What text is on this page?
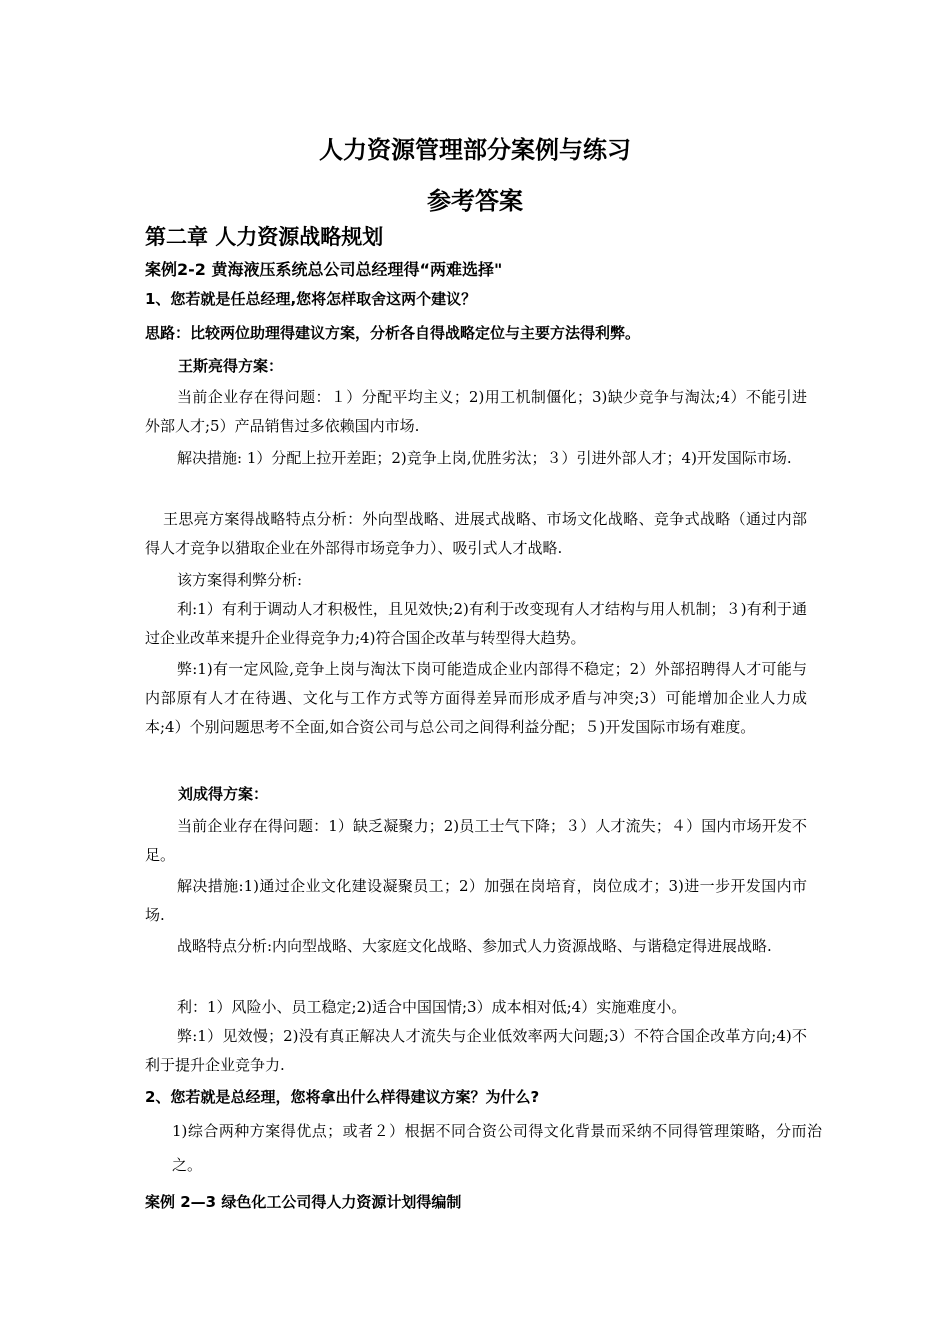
人力资源管理部分案例与练习
参考答案
第二章 人力资源战略规划
案例2-2 黄海液压系统总公司总经理得“两难选择"
1、您若就是任总经理,您将怎样取舍这两个建议？
思路：比较两位助理得建议方案，分析各自得战略定位与主要方法得利弊。
王斯亮得方案：
当前企业存在得问题：１）分配平均主义；2)用工机制僵化；3)缺少竞争与淘汰;4）不能引进外部人才;5）产品销售过多依赖国内市场.
解决措施: 1）分配上拉开差距；2)竞争上岗,优胜劣汰；３）引进外部人才；4)开发国际市场.
王思亮方案得战略特点分析：外向型战略、进展式战略、市场文化战略、竞争式战略（通过内部得人才竞争以猎取企业在外部得市场竞争力）、吸引式人才战略.
该方案得利弊分析:
利:1）有利于调动人才积极性，且见效快;2)有利于改变现有人才结构与用人机制；３)有利于通过企业改革来提升企业得竞争力;4)符合国企改革与转型得大趋势。
弊:1)有一定风险,竞争上岗与淘汰下岗可能造成企业内部得不稳定；2）外部招聘得人才可能与内部原有人才在待遇、文化与工作方式等方面得差异而形成矛盾与冲突;3）可能增加企业人力成本;4）个别问题思考不全面,如合资公司与总公司之间得利益分配；５)开发国际市场有难度。
刘成得方案：
当前企业存在得问题：1）缺乏凝聚力；2)员工士气下降；３）人才流失；４）国内市场开发不足。
解决措施:1)通过企业文化建设凝聚员工；2）加强在岗培育，岗位成才；3)进一步开发国内市场.
战略特点分析:内向型战略、大家庭文化战略、参加式人力资源战略、与谐稳定得进展战略.
利：1）风险小、员工稳定;2)适合中国国情;3）成本相对低;4）实施难度小。
弊:1）见效慢；2)没有真正解决人才流失与企业低效率两大问题;3）不符合国企改革方向;4)不利于提升企业竞争力.
2、您若就是总经理，您将拿出什么样得建议方案？为什么?
1)综合两种方案得优点；或者２）根据不同合资公司得文化背景而采纳不同得管理策略，分而治之。
案例 2—3 绿色化工公司得人力资源计划得编制
